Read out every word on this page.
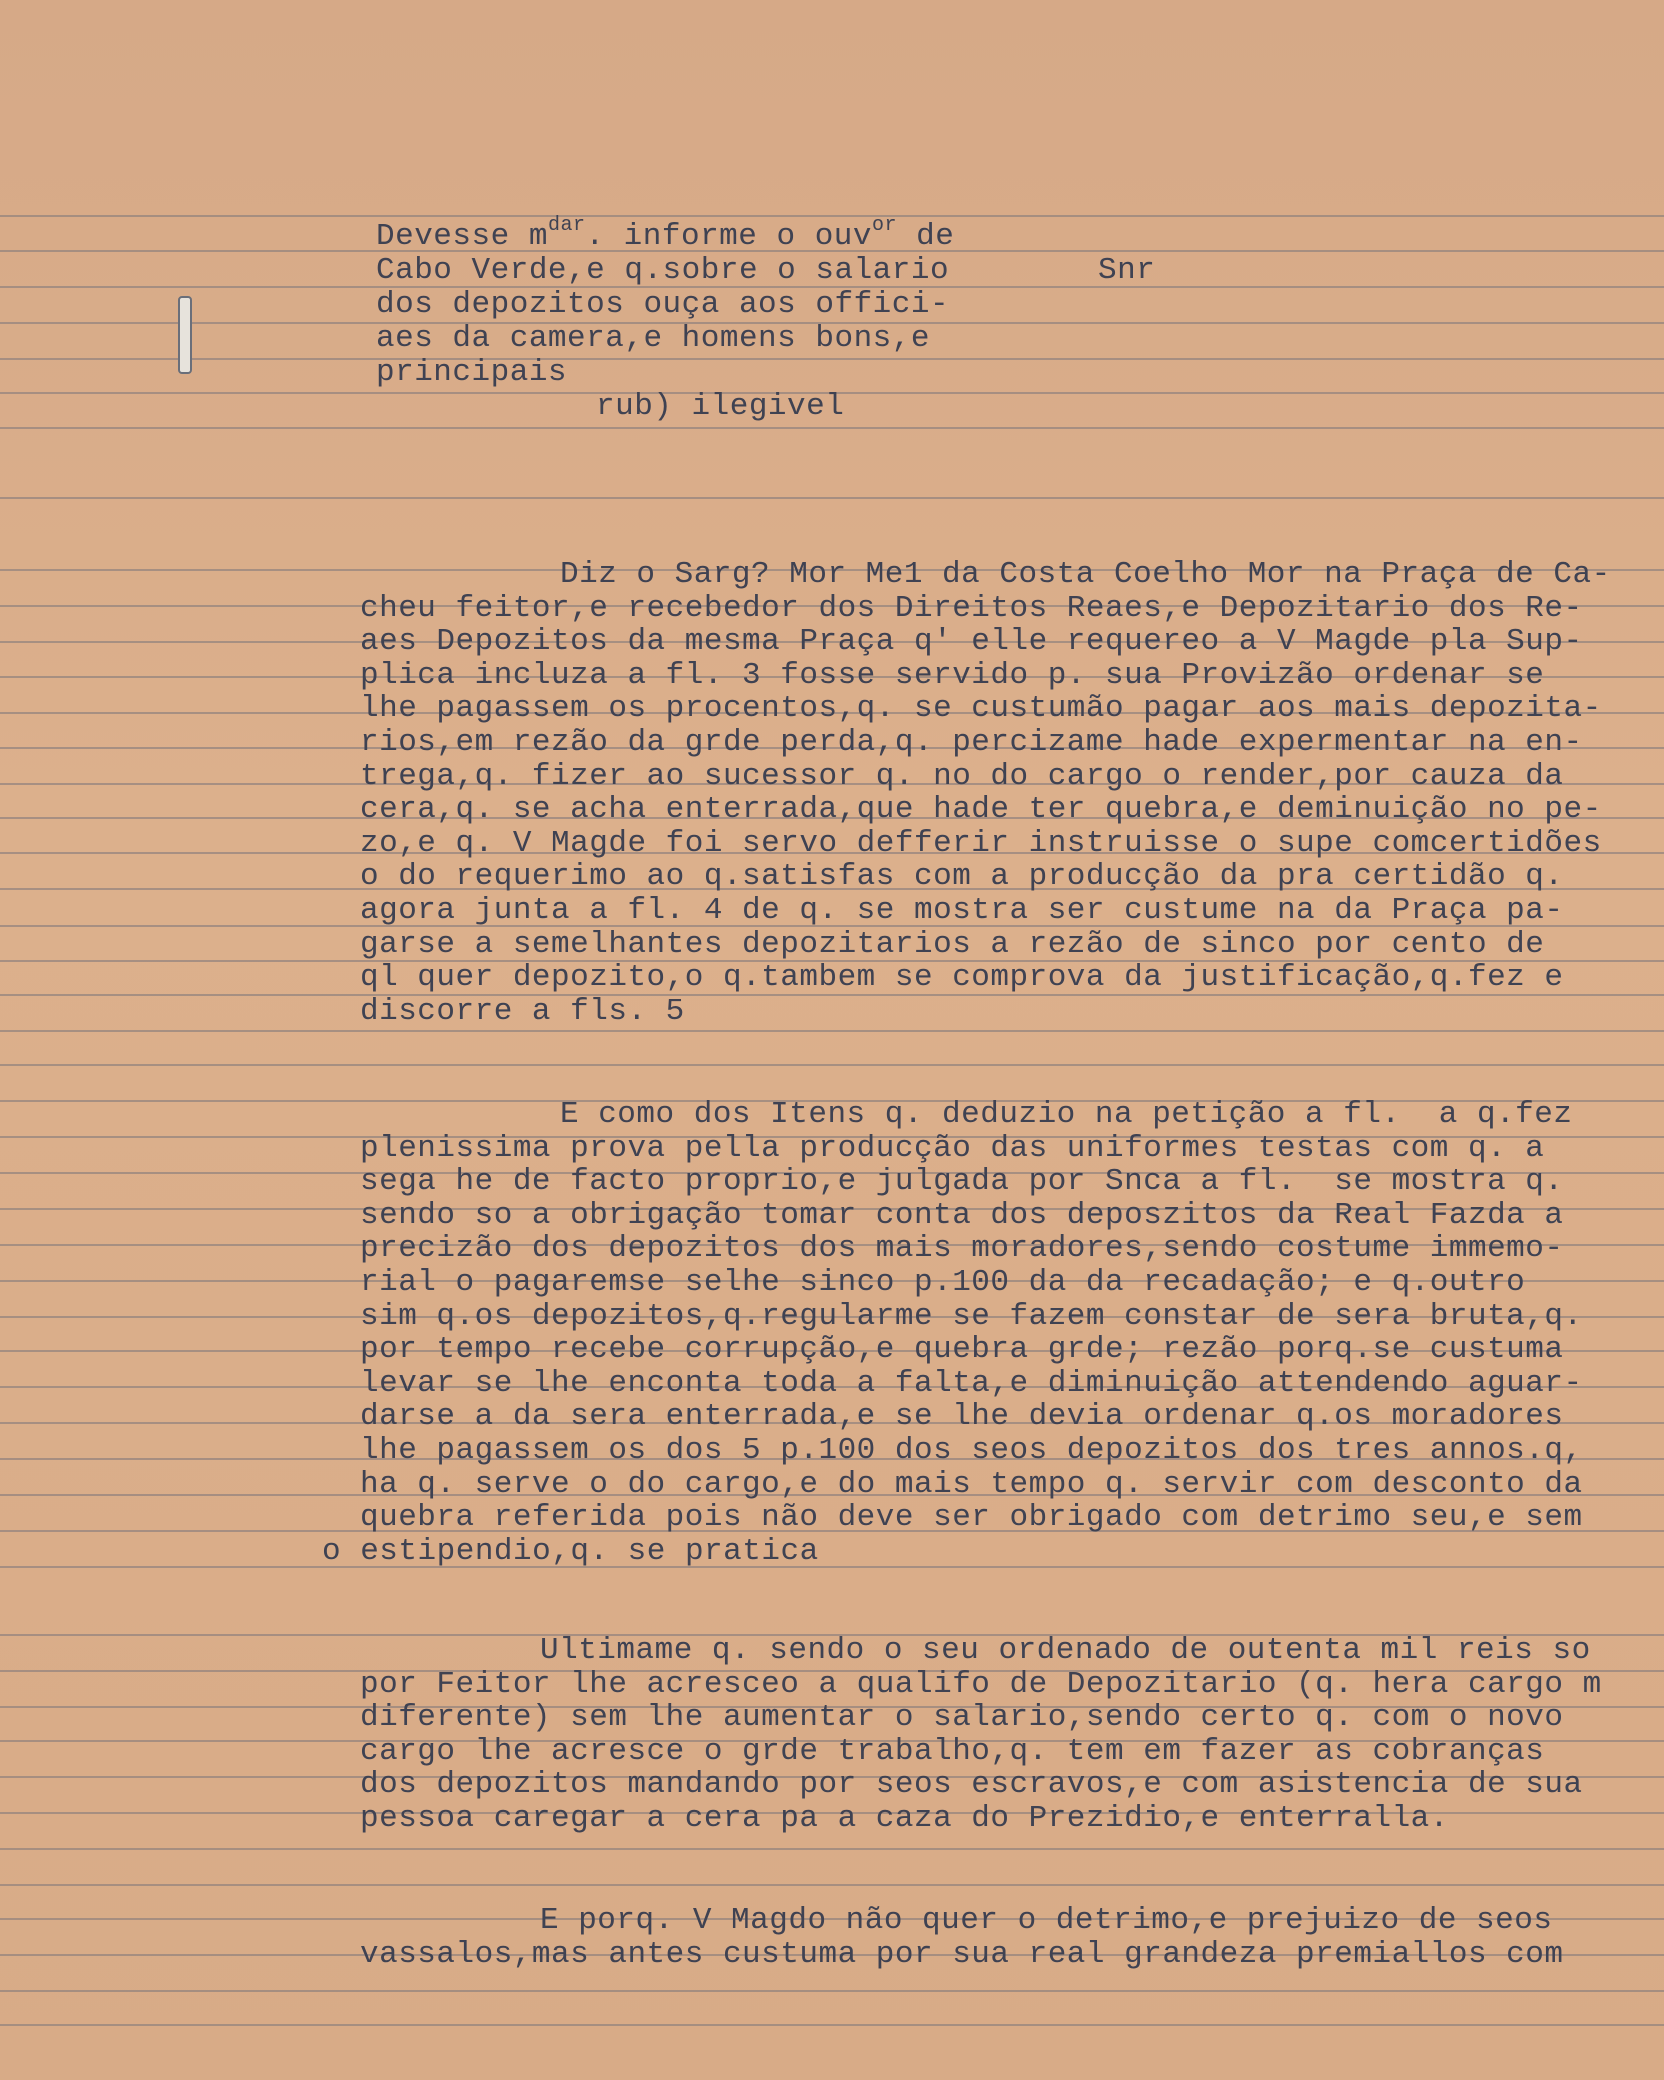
Devesse $m^{dar}$. informe o ouv$^{or}$ de
Cabo Verde,e q.sobre o salario
dos depozitos ouça aos offici-
aes da camera,e homens bons,e
principais
rub) ilegivel
Snr
Diz o Sarg? Mor Me1 da Costa Coelho Mor na Praça de Ca-
cheu feitor,e recebedor dos Direitos Reaes,e Depozitario dos Re-
aes Depozitos da mesma Praça q' elle requereo a V Magde pla Sup-
plica incluza a fl. 3 fosse servido p. sua Provizão ordenar se
lhe pagassem os procentos,q. se custumão pagar aos mais depozita-
rios,em rezão da grde perda,q. percizame hade expermentar na en-
trega,q. fizer ao sucessor q. no do cargo o render,por cauza da
cera,q. se acha enterrada,que hade ter quebra,e deminuição no pe-
zo,e q. V Magde foi servo defferir instruisse o supe comcertidões
o do requerimo ao q.satisfas com a producção da pra certidão q.
agora junta a fl. 4 de q. se mostra ser custume na da Praça pa-
garse a semelhantes depozitarios a rezão de sinco por cento de
ql quer depozito,o q.tambem se comprova da justificação,q.fez e
discorre a fls. 5
E como dos Itens q. deduzio na petição a fl.  a q.fez
plenissima prova pella producção das uniformes testas com q. a
sega he de facto proprio,e julgada por Snca a fl.  se mostra q.
sendo so a obrigação tomar conta dos deposzitos da Real Fazda a
precizão dos depozitos dos mais moradores,sendo costume immemo-
rial o pagaremse selhe sinco p.100 da da recadação; e q.outro
sim q.os depozitos,q.regularme se fazem constar de sera bruta,q.
por tempo recebe corrupção,e quebra grde; rezão porq.se custuma
levar se lhe enconta toda a falta,e diminuição attendendo aguar-
darse a da sera enterrada,e se lhe devia ordenar q.os moradores
lhe pagassem os dos 5 p.100 dos seos depozitos dos tres annos.q,
ha q. serve o do cargo,e do mais tempo q. servir com desconto da
quebra referida pois não deve ser obrigado com detrimo seu,e sem
o estipendio,q. se pratica
Ultimame q. sendo o seu ordenado de outenta mil reis so
por Feitor lhe acresceo a qualifo de Depozitario (q. hera cargo m
diferente) sem lhe aumentar o salario,sendo certo q. com o novo
cargo lhe acresce o grde trabalho,q. tem em fazer as cobranças
dos depozitos mandando por seos escravos,e com asistencia de sua
pessoa caregar a cera pa a caza do Prezidio,e enterralla.
E porq. V Magdo não quer o detrimo,e prejuizo de seos
vassalos,mas antes custuma por sua real grandeza premiallos com
